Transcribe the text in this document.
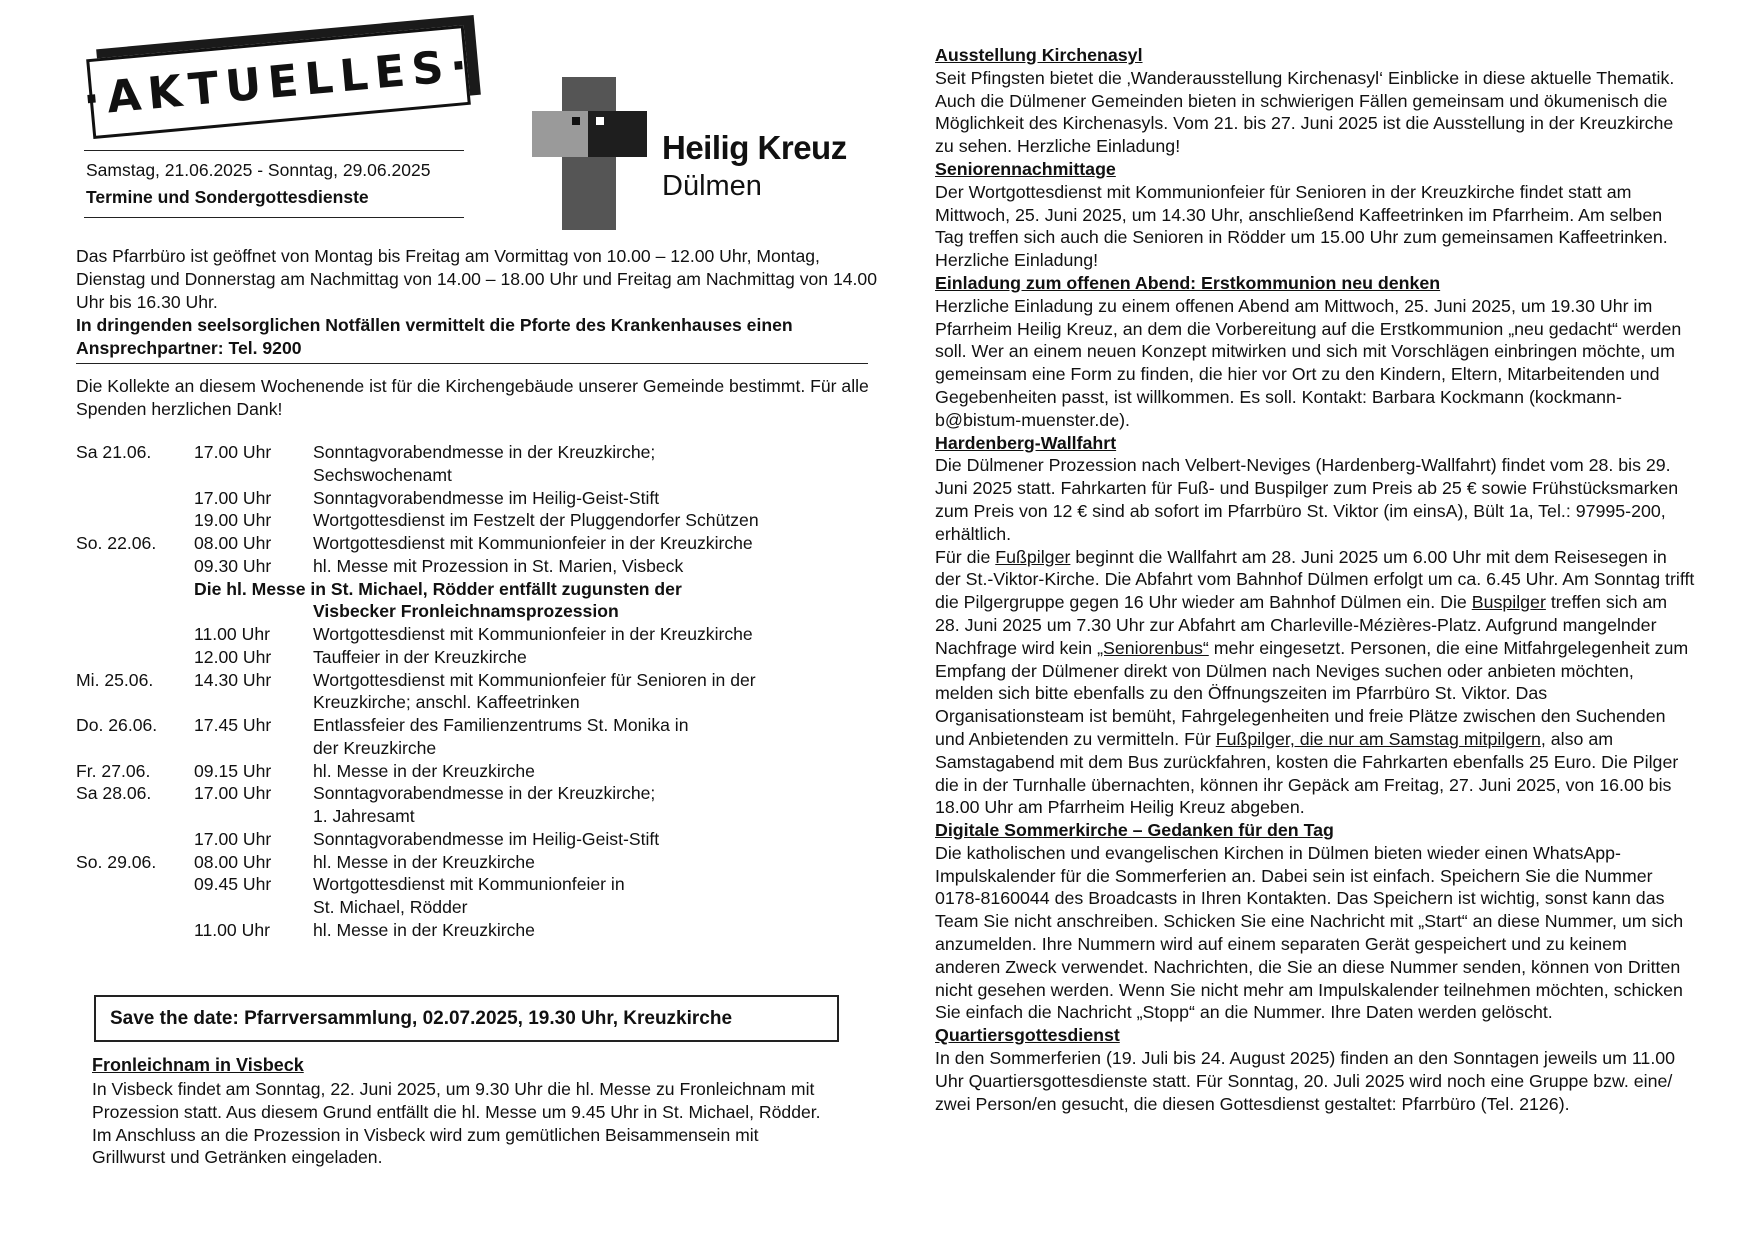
·AKTUELLES·
Samstag, 21.06.2025 - Sonntag, 29.06.2025
Termine und Sondergottesdienste
Heilig Kreuz
Dülmen
Das Pfarrbüro ist geöffnet von Montag bis Freitag am Vormittag von 10.00 – 12.00 Uhr, Montag, Dienstag und Donnerstag am Nachmittag von 14.00 – 18.00 Uhr und Freitag am Nachmittag von 14.00 Uhr bis 16.30 Uhr.
In dringenden seelsorglichen Notfällen vermittelt die Pforte des Krankenhauses einen Ansprechpartner: Tel. 9200
Die Kollekte an diesem Wochenende ist für die Kirchengebäude unserer Gemeinde bestimmt. Für alle Spenden herzlichen Dank!
Sa 21.06. 17.00 Uhr Sonntagvorabendmesse in der Kreuzkirche;
Sechswochenamt
17.00 Uhr Sonntagvorabendmesse im Heilig-Geist-Stift
19.00 Uhr Wortgottesdienst im Festzelt der Pluggendorfer Schützen
So. 22.06. 08.00 Uhr Wortgottesdienst mit Kommunionfeier in der Kreuzkirche
09.30 Uhr hl. Messe mit Prozession in St. Marien, Visbeck
Die hl. Messe in St. Michael, Rödder entfällt zugunsten der
Visbecker Fronleichnamsprozession
11.00 Uhr Wortgottesdienst mit Kommunionfeier in der Kreuzkirche
12.00 Uhr Tauffeier in der Kreuzkirche
Mi. 25.06. 14.30 Uhr Wortgottesdienst mit Kommunionfeier für Senioren in der
Kreuzkirche; anschl. Kaffeetrinken
Do. 26.06. 17.45 Uhr Entlassfeier des Familienzentrums St. Monika in
der Kreuzkirche
Fr. 27.06. 09.15 Uhr hl. Messe in der Kreuzkirche
Sa 28.06. 17.00 Uhr Sonntagvorabendmesse in der Kreuzkirche;
1. Jahresamt
17.00 Uhr Sonntagvorabendmesse im Heilig-Geist-Stift
So. 29.06. 08.00 Uhr hl. Messe in der Kreuzkirche
09.45 Uhr Wortgottesdienst mit Kommunionfeier in
St. Michael, Rödder
11.00 Uhr hl. Messe in der Kreuzkirche
Save the date: Pfarrversammlung, 02.07.2025, 19.30 Uhr, Kreuzkirche
Fronleichnam in Visbeck
In Visbeck findet am Sonntag, 22. Juni 2025, um 9.30 Uhr die hl. Messe zu Fronleichnam mit Prozession statt. Aus diesem Grund entfällt die hl. Messe um 9.45 Uhr in St. Michael, Rödder. Im Anschluss an die Prozession in Visbeck wird zum gemütlichen Beisammensein mit Grillwurst und Getränken eingeladen.
Ausstellung Kirchenasyl

Seit Pfingsten bietet die ‚Wanderausstellung Kirchenasyl‘ Einblicke in diese aktuelle Thematik. Auch die Dülmener Gemeinden bieten in schwierigen Fällen gemeinsam und ökumenisch die Möglichkeit des Kirchenasyls. Vom 21. bis 27. Juni 2025 ist die Ausstellung in der Kreuzkirche zu sehen. Herzliche Einladung!

Seniorennachmittage

Der Wortgottesdienst mit Kommunionfeier für Senioren in der Kreuzkirche findet statt am Mittwoch, 25. Juni 2025, um 14.30 Uhr, anschließend Kaffeetrinken im Pfarrheim. Am selben Tag treffen sich auch die Senioren in Rödder um 15.00 Uhr zum gemeinsamen Kaffeetrinken. Herzliche Einladung!

Einladung zum offenen Abend: Erstkommunion neu denken

Herzliche Einladung zu einem offenen Abend am Mittwoch, 25. Juni 2025, um 19.30 Uhr im Pfarrheim Heilig Kreuz, an dem die Vorbereitung auf die Erstkommunion „neu gedacht“ werden soll. Wer an einem neuen Konzept mitwirken und sich mit Vorschlägen einbringen möchte, um gemeinsam eine Form zu finden, die hier vor Ort zu den Kindern, Eltern, Mitarbeitenden und Gegebenheiten passt, ist willkommen. Es soll. Kontakt: Barbara Kockmann (kockmann-b@bistum-muenster.de).

Hardenberg-Wallfahrt

Die Dülmener Prozession nach Velbert-Neviges (Hardenberg-Wallfahrt) findet vom 28. bis 29. Juni 2025 statt. Fahrkarten für Fuß- und Buspilger zum Preis ab 25 € sowie Frühstücksmarken zum Preis von 12 € sind ab sofort im Pfarrbüro St. Viktor (im einsA), Bült 1a, Tel.: 97995-200, erhältlich.

Für die Fußpilger beginnt die Wallfahrt am 28. Juni 2025 um 6.00 Uhr mit dem Reisesegen in der St.-Viktor-Kirche. Die Abfahrt vom Bahnhof Dülmen erfolgt um ca. 6.45 Uhr. Am Sonntag trifft die Pilgergruppe gegen 16 Uhr wieder am Bahnhof Dülmen ein. Die Buspilger treffen sich am 28. Juni 2025 um 7.30 Uhr zur Abfahrt am Charleville-Mézières-Platz. Aufgrund mangelnder Nachfrage wird kein „Seniorenbus“ mehr eingesetzt. Personen, die eine Mitfahrgelegenheit zum Empfang der Dülmener direkt von Dülmen nach Neviges suchen oder anbieten möchten, melden sich bitte ebenfalls zu den Öffnungszeiten im Pfarrbüro St. Viktor. Das Organisationsteam ist bemüht, Fahrgelegenheiten und freie Plätze zwischen den Suchenden und Anbietenden zu vermitteln. Für Fußpilger, die nur am Samstag mitpilgern, also am Samstagabend mit dem Bus zurückfahren, kosten die Fahrkarten ebenfalls 25 Euro. Die Pilger die in der Turnhalle übernachten, können ihr Gepäck am Freitag, 27. Juni 2025, von 16.00 bis 18.00 Uhr am Pfarrheim Heilig Kreuz abgeben.

Digitale Sommerkirche – Gedanken für den Tag

Die katholischen und evangelischen Kirchen in Dülmen bieten wieder einen WhatsApp-Impulskalender für die Sommerferien an. Dabei sein ist einfach. Speichern Sie die Nummer 0178-8160044 des Broadcasts in Ihren Kontakten. Das Speichern ist wichtig, sonst kann das Team Sie nicht anschreiben. Schicken Sie eine Nachricht mit „Start“ an diese Nummer, um sich anzumelden. Ihre Nummern wird auf einem separaten Gerät gespeichert und zu keinem anderen Zweck verwendet. Nachrichten, die Sie an diese Nummer senden, können von Dritten nicht gesehen werden. Wenn Sie nicht mehr am Impulskalender teilnehmen möchten, schicken Sie einfach die Nachricht „Stopp“ an die Nummer. Ihre Daten werden gelöscht.

Quartiersgottesdienst

In den Sommerferien (19. Juli bis 24. August 2025) finden an den Sonntagen jeweils um 11.00 Uhr Quartiersgottesdienste statt. Für Sonntag, 20. Juli 2025 wird noch eine Gruppe bzw. eine/ zwei Person/en gesucht, die diesen Gottesdienst gestaltet: Pfarrbüro (Tel. 2126).
